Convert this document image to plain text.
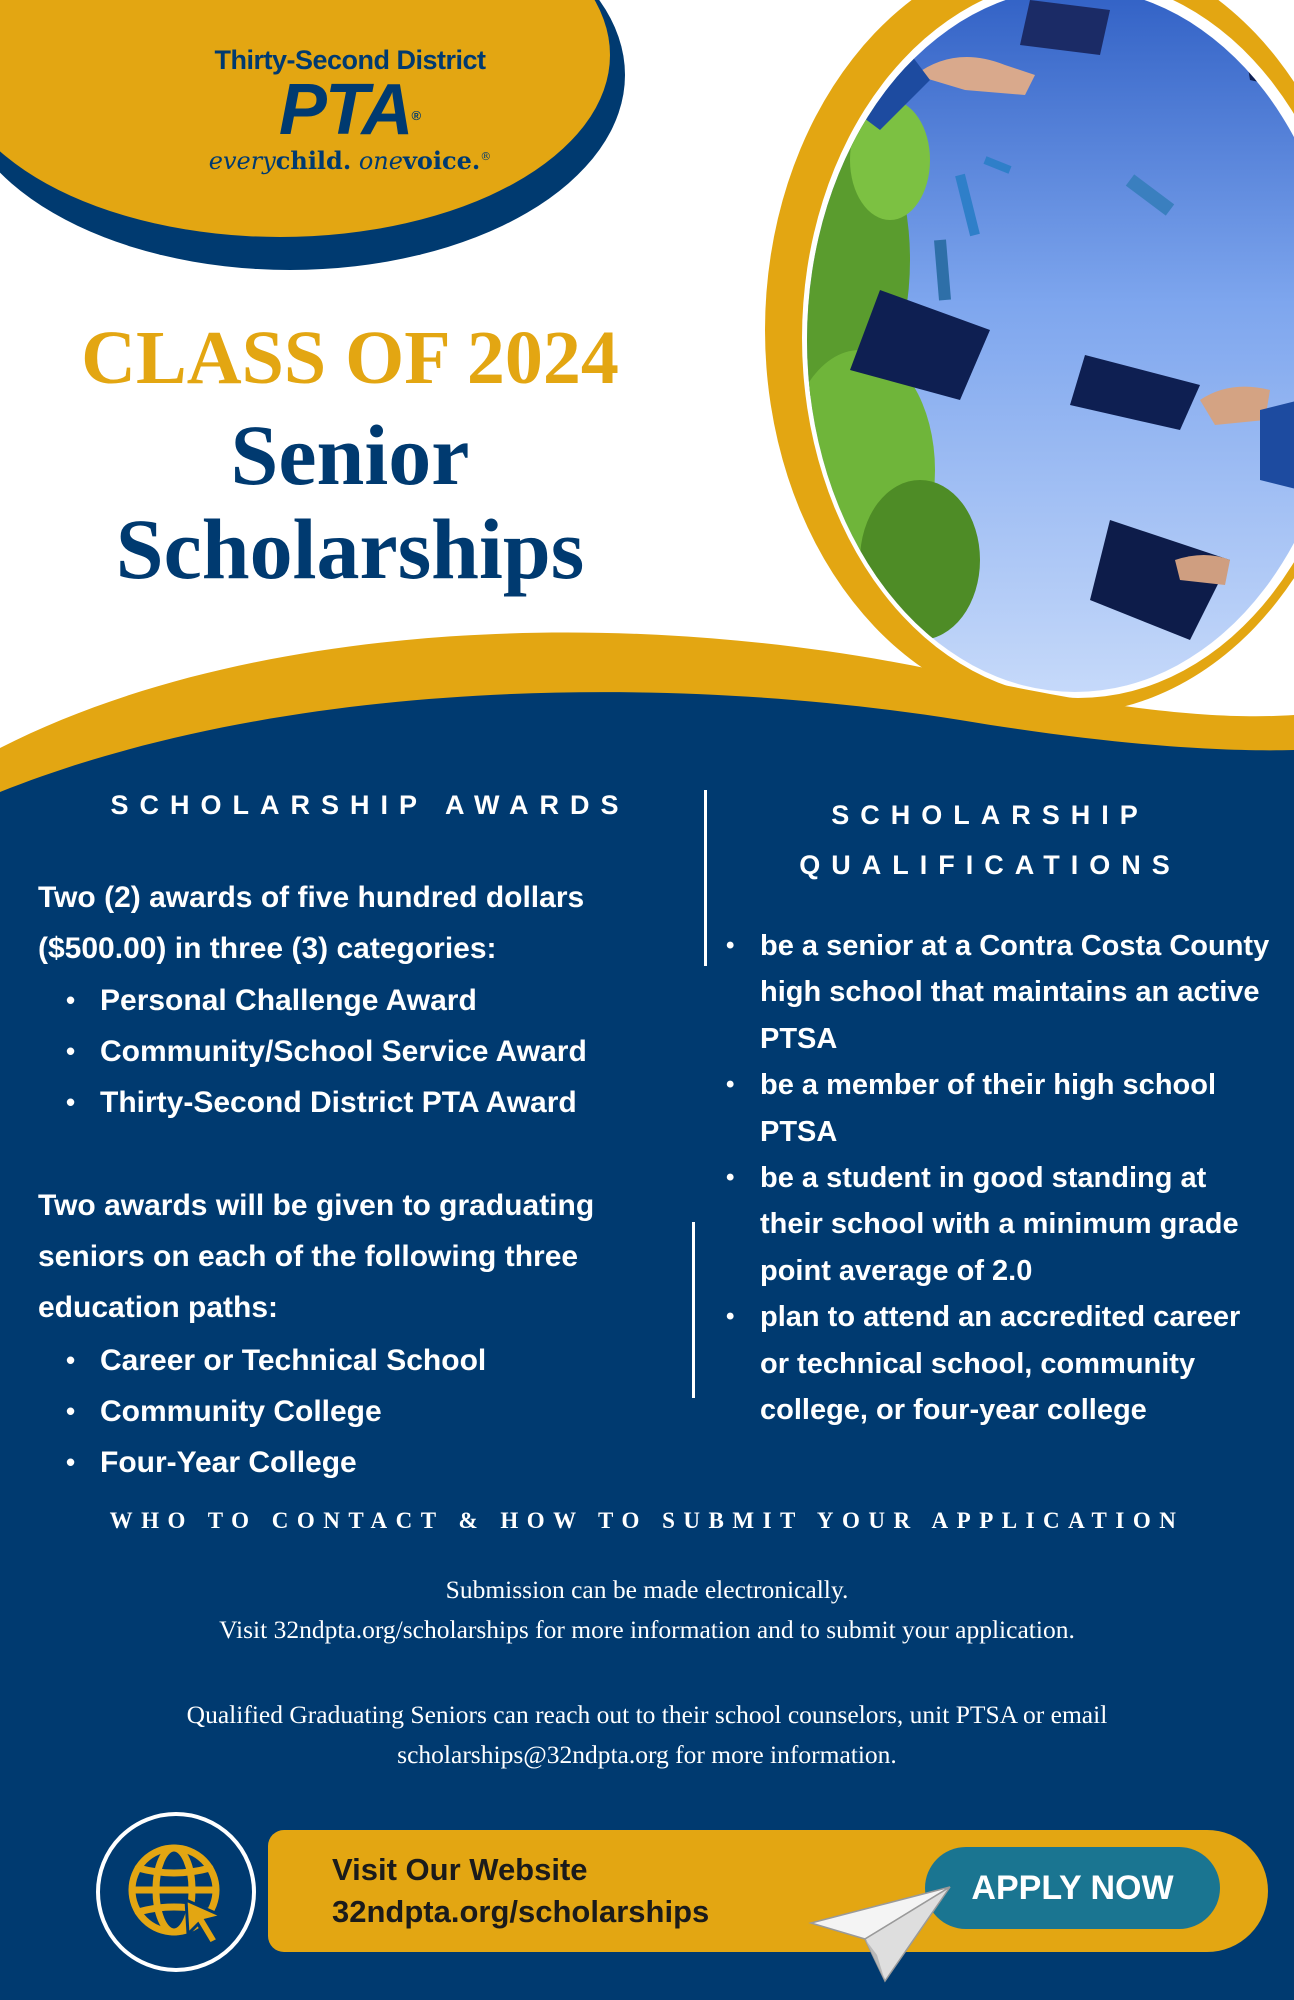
Thirty-Second District
PTA®
everychild. onevoice.®
CLASS OF 2024
Senior
Scholarships
SCHOLARSHIP AWARDS
Two (2) awards of five hundred dollars ($500.00) in three (3) categories:
• Personal Challenge Award
• Community/School Service Award
• Thirty-Second District PTA Award
Two awards will be given to graduating seniors on each of the following three education paths:
• Career or Technical School
• Community College
• Four-Year College
SCHOLARSHIP
QUALIFICATIONS
• be a senior at a Contra Costa County high school that maintains an active PTSA
• be a member of their high school PTSA
• be a student in good standing at their school with a minimum grade point average of 2.0
• plan to attend an accredited career or technical school, community college, or four-year college
WHO TO CONTACT & HOW TO SUBMIT YOUR APPLICATION
Submission can be made electronically.
Visit 32ndpta.org/scholarships for more information and to submit your application.
Qualified Graduating Seniors can reach out to their school counselors, unit PTSA or email
scholarships@32ndpta.org for more information.
Visit Our Website
32ndpta.org/scholarships
APPLY NOW
